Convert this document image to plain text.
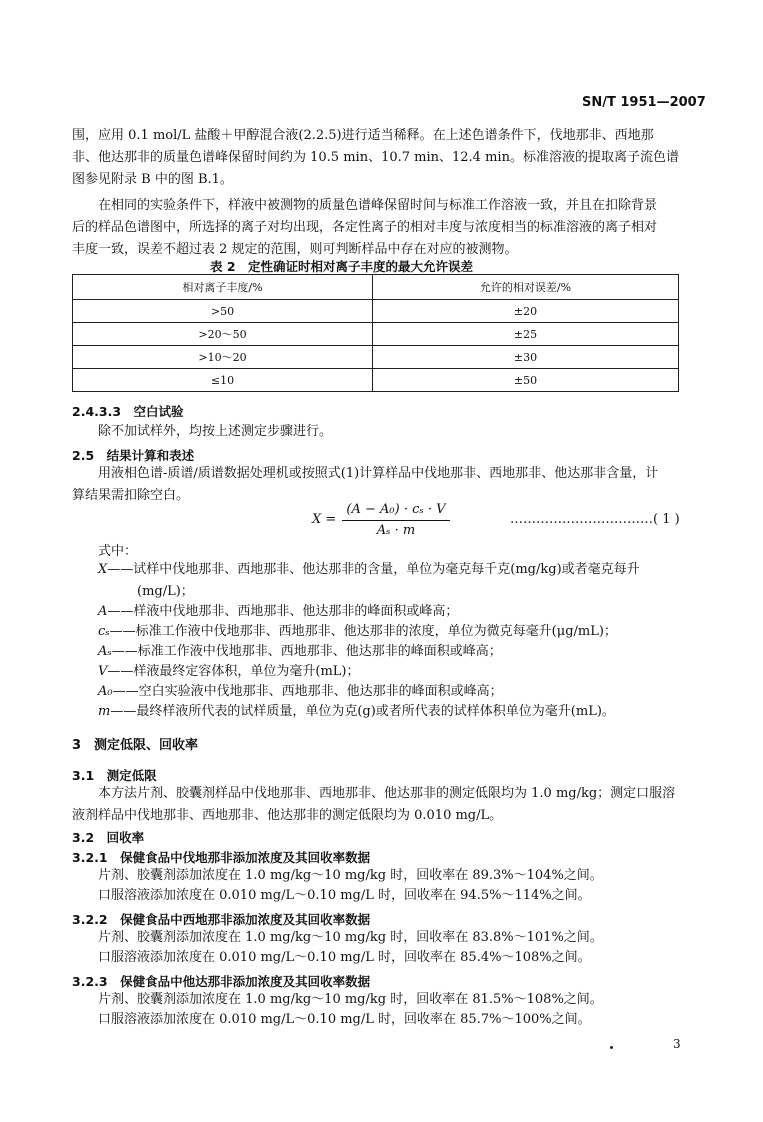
SN/T 1951—2007
围，应用 0.1 mol/L 盐酸＋甲醇混合液(2.2.5)进行适当稀释。在上述色谱条件下，伐地那非、西地那
非、他达那非的质量色谱峰保留时间约为 10.5 min、10.7 min、12.4 min。标准溶液的提取离子流色谱
图参见附录 B 中的图 B.1。
在相同的实验条件下，样液中被测物的质量色谱峰保留时间与标准工作溶液一致，并且在扣除背景
后的样品色谱图中，所选择的离子对均出现，各定性离子的相对丰度与浓度相当的标准溶液的离子相对
丰度一致，误差不超过表 2 规定的范围，则可判断样品中存在对应的被测物。
表 2　定性确证时相对离子丰度的最大允许误差
相对离子丰度/%	允许的相对误差/%
>50	±20
>20～50	±25
>10～20	±30
≤10	±50
2.4.3.3　空白试验
除不加试样外，均按上述测定步骤进行。
2.5　结果计算和表述
用液相色谱-质谱/质谱数据处理机或按照式(1)计算样品中伐地那非、西地那非、他达那非含量，计
算结果需扣除空白。
X =
(A − A₀) · cₛ · V
Aₛ · m
……………………………( 1 )
式中：
X——试样中伐地那非、西地那非、他达那非的含量，单位为毫克每千克(mg/kg)或者毫克每升
(mg/L)；
A——样液中伐地那非、西地那非、他达那非的峰面积或峰高；
cₛ——标准工作液中伐地那非、西地那非、他达那非的浓度，单位为微克每毫升(μg/mL)；
Aₛ——标准工作液中伐地那非、西地那非、他达那非的峰面积或峰高；
V——样液最终定容体积，单位为毫升(mL)；
A₀——空白实验液中伐地那非、西地那非、他达那非的峰面积或峰高；
m——最终样液所代表的试样质量，单位为克(g)或者所代表的试样体积单位为毫升(mL)。
3　测定低限、回收率
3.1　测定低限
本方法片剂、胶囊剂样品中伐地那非、西地那非、他达那非的测定低限均为 1.0 mg/kg；测定口服溶
液剂样品中伐地那非、西地那非、他达那非的测定低限均为 0.010 mg/L。
3.2　回收率
3.2.1　保健食品中伐地那非添加浓度及其回收率数据
片剂、胶囊剂添加浓度在 1.0 mg/kg～10 mg/kg 时，回收率在 89.3%～104%之间。
口服溶液添加浓度在 0.010 mg/L～0.10 mg/L 时，回收率在 94.5%～114%之间。
3.2.2　保健食品中西地那非添加浓度及其回收率数据
片剂、胶囊剂添加浓度在 1.0 mg/kg～10 mg/kg 时，回收率在 83.8%～101%之间。
口服溶液添加浓度在 0.010 mg/L～0.10 mg/L 时，回收率在 85.4%～108%之间。
3.2.3　保健食品中他达那非添加浓度及其回收率数据
片剂、胶囊剂添加浓度在 1.0 mg/kg～10 mg/kg 时，回收率在 81.5%～108%之间。
口服溶液添加浓度在 0.010 mg/L～0.10 mg/L 时，回收率在 85.7%～100%之间。
3
